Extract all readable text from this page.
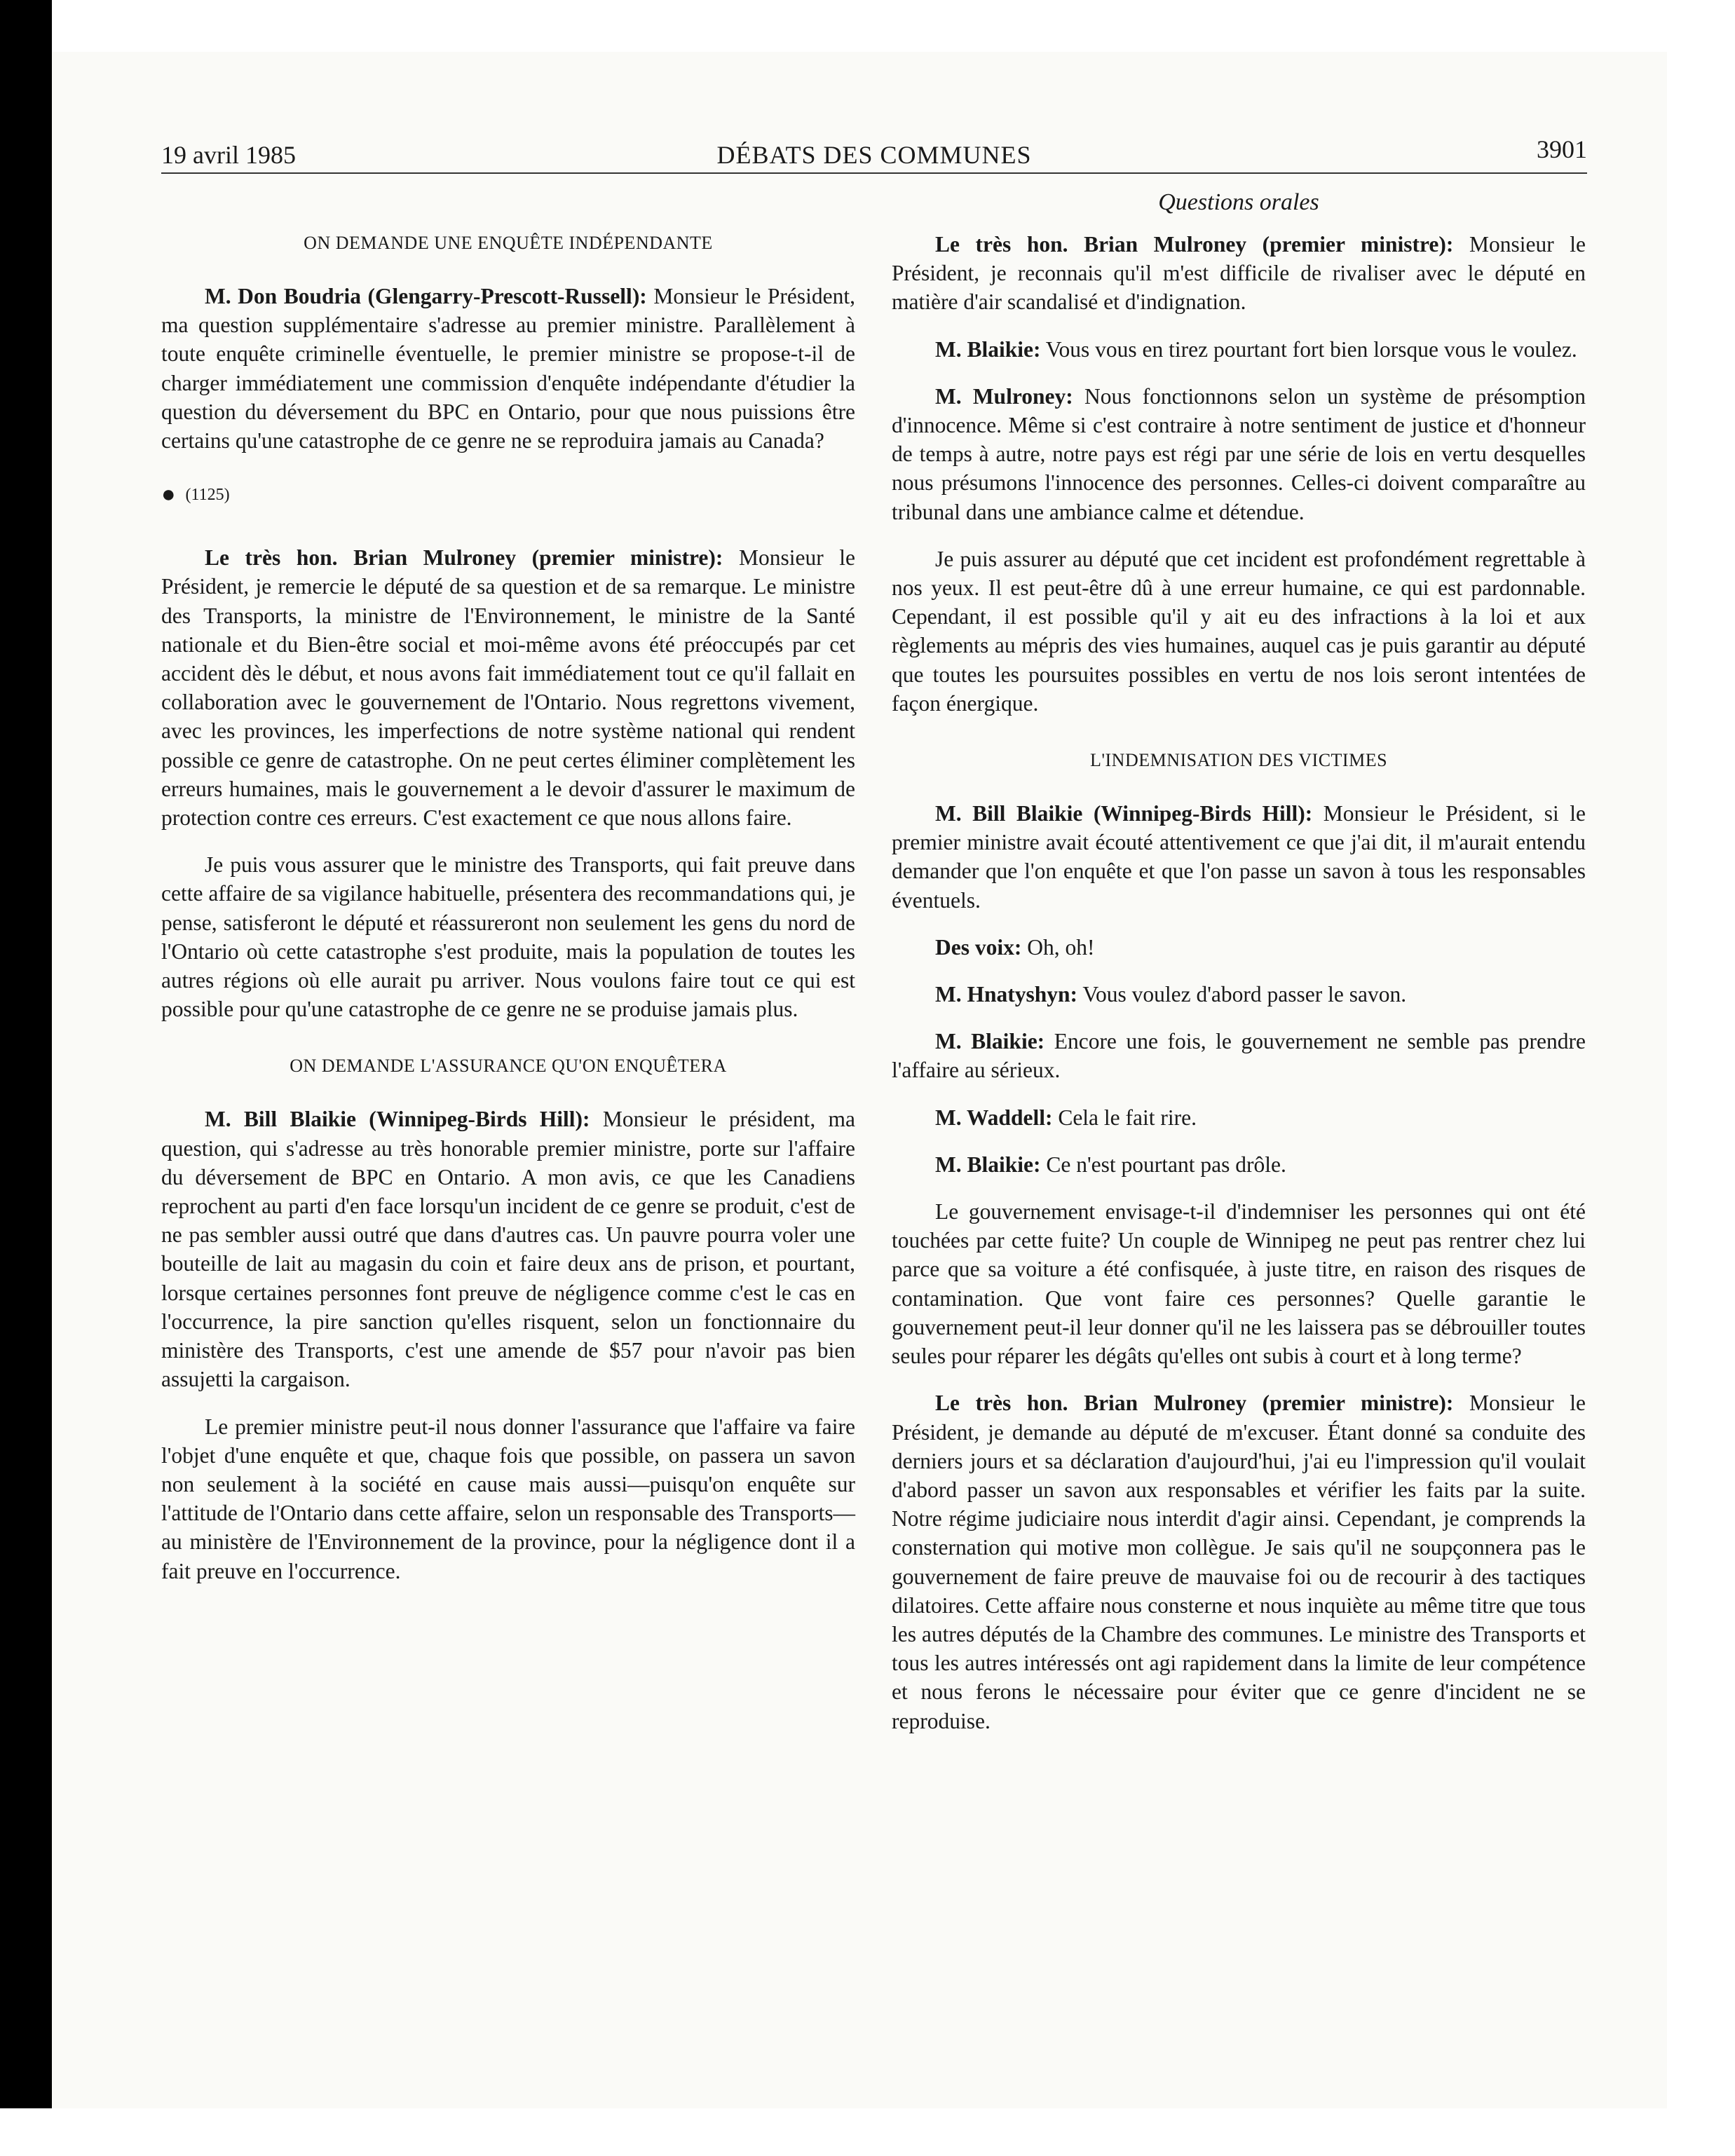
19 avril 1985	DÉBATS DES COMMUNES	3901
ON DEMANDE UNE ENQUÊTE INDÉPENDANTE

M. Don Boudria (Glengarry-Prescott-Russell): Monsieur le Président, ma question supplémentaire s'adresse au premier ministre. Parallèlement à toute enquête criminelle éventuelle, le premier ministre se propose-t-il de charger immédiatement une commission d'enquête indépendante d'étudier la question du déversement du BPC en Ontario, pour que nous puissions être certains qu'une catastrophe de ce genre ne se reproduira jamais au Canada?

● (1125)

Le très hon. Brian Mulroney (premier ministre): Monsieur le Président, je remercie le député de sa question et de sa remarque. Le ministre des Transports, la ministre de l'Environnement, le ministre de la Santé nationale et du Bien-être social et moi-même avons été préoccupés par cet accident dès le début, et nous avons fait immédiatement tout ce qu'il fallait en collaboration avec le gouvernement de l'Ontario. Nous regrettons vivement, avec les provinces, les imperfections de notre système national qui rendent possible ce genre de catastrophe. On ne peut certes éliminer complètement les erreurs humaines, mais le gouvernement a le devoir d'assurer le maximum de protection contre ces erreurs. C'est exactement ce que nous allons faire.

Je puis vous assurer que le ministre des Transports, qui fait preuve dans cette affaire de sa vigilance habituelle, présentera des recommandations qui, je pense, satisferont le député et réassureront non seulement les gens du nord de l'Ontario où cette catastrophe s'est produite, mais la population de toutes les autres régions où elle aurait pu arriver. Nous voulons faire tout ce qui est possible pour qu'une catastrophe de ce genre ne se produise jamais plus.

ON DEMANDE L'ASSURANCE QU'ON ENQUÊTERA

M. Bill Blaikie (Winnipeg-Birds Hill): Monsieur le président, ma question, qui s'adresse au très honorable premier ministre, porte sur l'affaire du déversement de BPC en Ontario. A mon avis, ce que les Canadiens reprochent au parti d'en face lorsqu'un incident de ce genre se produit, c'est de ne pas sembler aussi outré que dans d'autres cas. Un pauvre pourra voler une bouteille de lait au magasin du coin et faire deux ans de prison, et pourtant, lorsque certaines personnes font preuve de négligence comme c'est le cas en l'occurrence, la pire sanction qu'elles risquent, selon un fonctionnaire du ministère des Transports, c'est une amende de $57 pour n'avoir pas bien assujetti la cargaison.

Le premier ministre peut-il nous donner l'assurance que l'affaire va faire l'objet d'une enquête et que, chaque fois que possible, on passera un savon non seulement à la société en cause mais aussi—puisqu'on enquête sur l'attitude de l'Ontario dans cette affaire, selon un responsable des Transports—au ministère de l'Environnement de la province, pour la négligence dont il a fait preuve en l'occurrence.

Questions orales

Le très hon. Brian Mulroney (premier ministre): Monsieur le Président, je reconnais qu'il m'est difficile de rivaliser avec le député en matière d'air scandalisé et d'indignation.

M. Blaikie: Vous vous en tirez pourtant fort bien lorsque vous le voulez.

M. Mulroney: Nous fonctionnons selon un système de présomption d'innocence. Même si c'est contraire à notre sentiment de justice et d'honneur de temps à autre, notre pays est régi par une série de lois en vertu desquelles nous présumons l'innocence des personnes. Celles-ci doivent comparaître au tribunal dans une ambiance calme et détendue.

Je puis assurer au député que cet incident est profondément regrettable à nos yeux. Il est peut-être dû à une erreur humaine, ce qui est pardonnable. Cependant, il est possible qu'il y ait eu des infractions à la loi et aux règlements au mépris des vies humaines, auquel cas je puis garantir au député que toutes les poursuites possibles en vertu de nos lois seront intentées de façon énergique.

L'INDEMNISATION DES VICTIMES

M. Bill Blaikie (Winnipeg-Birds Hill): Monsieur le Président, si le premier ministre avait écouté attentivement ce que j'ai dit, il m'aurait entendu demander que l'on enquête et que l'on passe un savon à tous les responsables éventuels.

Des voix: Oh, oh!

M. Hnatyshyn: Vous voulez d'abord passer le savon.

M. Blaikie: Encore une fois, le gouvernement ne semble pas prendre l'affaire au sérieux.

M. Waddell: Cela le fait rire.

M. Blaikie: Ce n'est pourtant pas drôle.

Le gouvernement envisage-t-il d'indemniser les personnes qui ont été touchées par cette fuite? Un couple de Winnipeg ne peut pas rentrer chez lui parce que sa voiture a été confisquée, à juste titre, en raison des risques de contamination. Que vont faire ces personnes? Quelle garantie le gouvernement peut-il leur donner qu'il ne les laissera pas se débrouiller toutes seules pour réparer les dégâts qu'elles ont subis à court et à long terme?

Le très hon. Brian Mulroney (premier ministre): Monsieur le Président, je demande au député de m'excuser. Étant donné sa conduite des derniers jours et sa déclaration d'aujourd'hui, j'ai eu l'impression qu'il voulait d'abord passer un savon aux responsables et vérifier les faits par la suite. Notre régime judiciaire nous interdit d'agir ainsi. Cependant, je comprends la consternation qui motive mon collègue. Je sais qu'il ne soupçonnera pas le gouvernement de faire preuve de mauvaise foi ou de recourir à des tactiques dilatoires. Cette affaire nous consterne et nous inquiète au même titre que tous les autres députés de la Chambre des communes. Le ministre des Transports et tous les autres intéressés ont agi rapidement dans la limite de leur compétence et nous ferons le nécessaire pour éviter que ce genre d'incident ne se reproduise.
